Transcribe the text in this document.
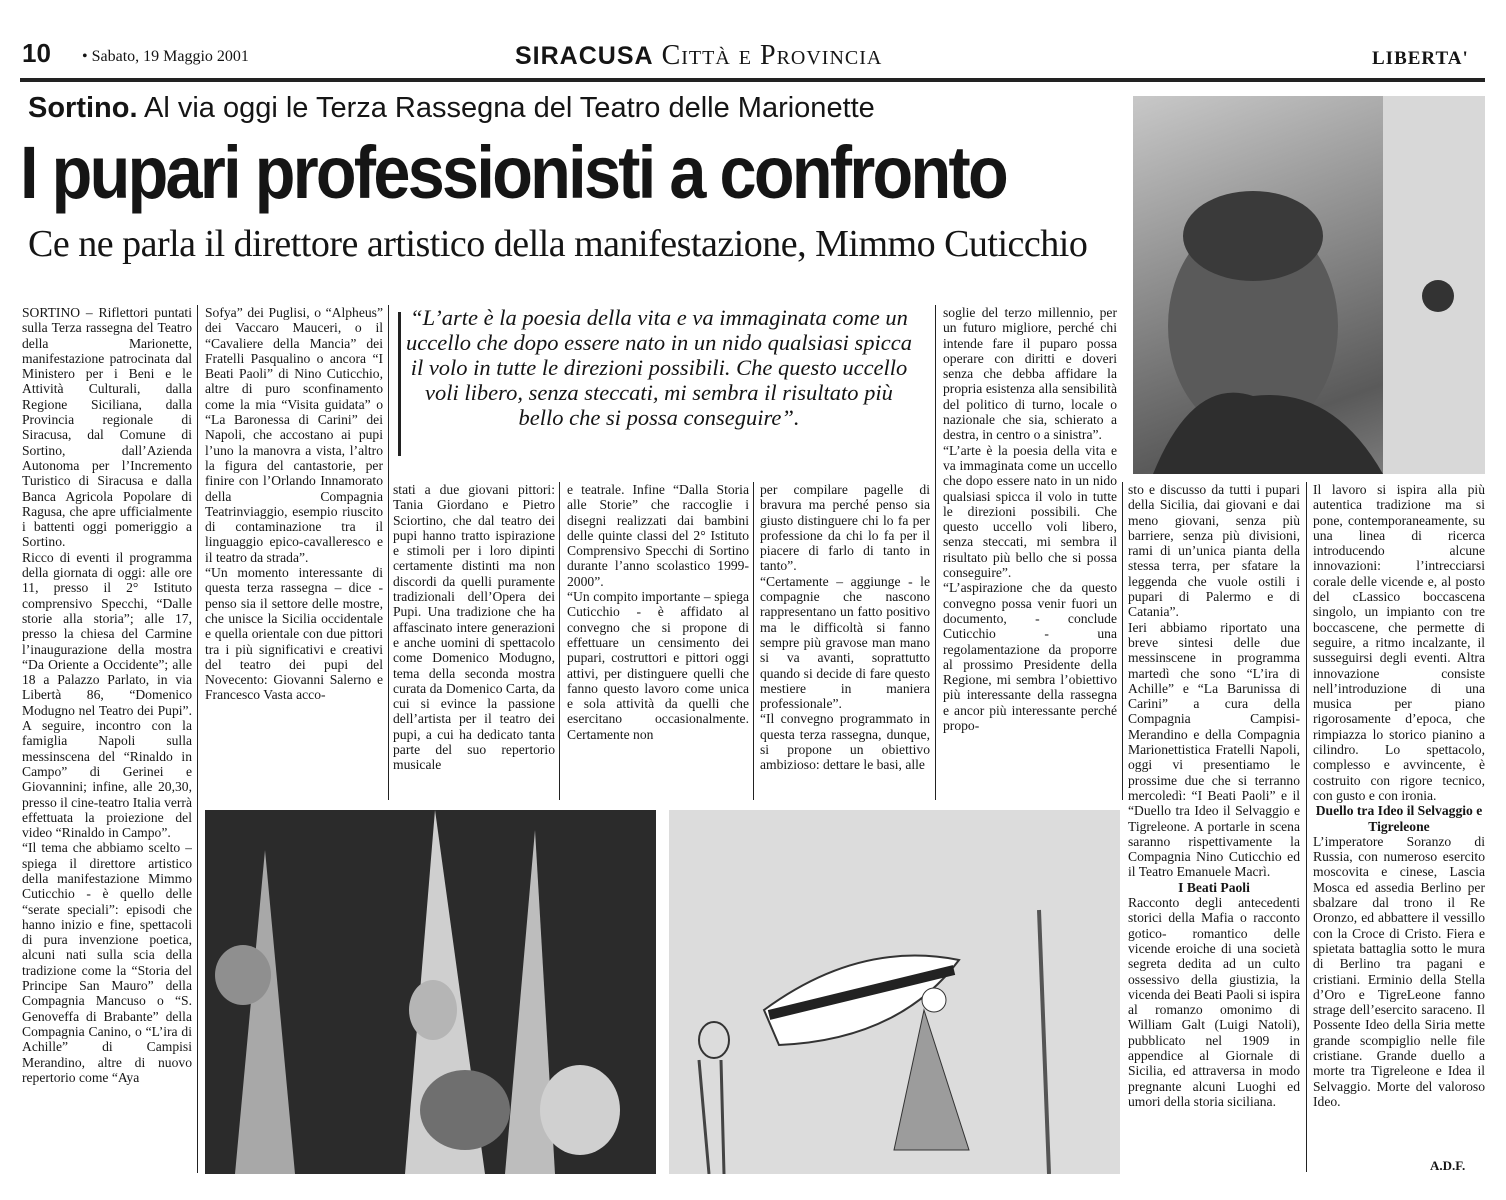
10 • Sabato, 19 Maggio 2001	SIRACUSA Città e Provincia	LIBERTA'
Sortino. Al via oggi le Terza Rassegna del Teatro delle Marionette
I pupari professionisti a confronto
Ce ne parla il direttore artistico della manifestazione, Mimmo Cuticchio
“L’arte è la poesia della vita e va immaginata come un uccello che dopo essere nato in un nido qualsiasi spicca il volo in tutte le direzioni possibili. Che questo uccello voli libero, senza steccati, mi sembra il risultato più bello che si possa conseguire”.

SORTINO – Riflettori puntati sulla Terza rassegna del Teatro della Marionette, manifestazione patrocinata dal Ministero per i Beni e le Attività Culturali, dalla Regione Siciliana, dalla Provincia regionale di Siracusa, dal Comune di Sortino, dall’Azienda Autonoma per l’Incremento Turistico di Siracusa e dalla Banca Agricola Popolare di Ragusa, che apre ufficialmente i battenti oggi pomeriggio a Sortino.
Ricco di eventi il programma della giornata di oggi: alle ore 11, presso il 2° Istituto comprensivo Specchi, “Dalle storie alla storia”; alle 17, presso la chiesa del Carmine l’inaugurazione della mostra “Da Oriente a Occidente”; alle 18 a Palazzo Parlato, in via Libertà 86, “Domenico Modugno nel Teatro dei Pupi”. A seguire, incontro con la famiglia Napoli sulla messinscena del “Rinaldo in Campo” di Gerinei e Giovannini; infine, alle 20,30, presso il cine-teatro Italia verrà effettuata la proiezione del video “Rinaldo in Campo”.
“Il tema che abbiamo scelto –spiega il direttore artistico della manifestazione Mimmo Cuticchio - è quello delle “serate speciali”: episodi che hanno inizio e fine, spettacoli di pura invenzione poetica, alcuni nati sulla scia della tradizione come la “Storia del Principe San Mauro” della Compagnia Mancuso o “S. Genoveffa di Brabante” della Compagnia Canino, o “L’ira di Achille” di Campisi Merandino, altre di nuovo repertorio come “Aya

Sofya” dei Puglisi, o “Alpheus” dei Vaccaro Mauceri, o il “Cavaliere della Mancia” dei Fratelli Pasqualino o ancora “I Beati Paoli” di Nino Cuticchio, altre di puro sconfinamento come la mia “Visita guidata” o “La Baronessa di Carini” dei Napoli, che accostano ai pupi l’uno la manovra a vista, l’altro la figura del cantastorie, per finire con l’Orlando Innamorato della Compagnia Teatrinviaggio, esempio riuscito di contaminazione tra il linguaggio epico-cavalleresco e il teatro da strada”.
“Un momento interessante di questa terza rassegna – dice -penso sia il settore delle mostre, che unisce la Sicilia occidentale e quella orientale con due pittori tra i più significativi e creativi del teatro dei pupi del Novecento: Giovanni Salerno e Francesco Vasta acco-

stati a due giovani pittori: Tania Giordano e Pietro Sciortino, che dal teatro dei pupi hanno tratto ispirazione e stimoli per i loro dipinti certamente distinti ma non discordi da quelli puramente tradizionali dell’Opera dei Pupi. Una tradizione che ha affascinato intere generazioni e anche uomini di spettacolo come Domenico Modugno, tema della seconda mostra curata da Domenico Carta, da cui si evince la passione dell’artista per il teatro dei pupi, a cui ha dedicato tanta parte del suo repertorio musicale

e teatrale. Infine “Dalla Storia alle Storie” che raccoglie i disegni realizzati dai bambini delle quinte classi del 2° Istituto Comprensivo Specchi di Sortino durante l’anno scolastico 1999-2000”.
“Un compito importante – spiega Cuticchio - è affidato al convegno che si propone di effettuare un censimento dei pupari, costruttori e pittori oggi attivi, per distinguere quelli che fanno questo lavoro come unica e sola attività da quelli che esercitano occasionalmente. Certamente non

per compilare pagelle di bravura ma perché penso sia giusto distinguere chi lo fa per professione da chi lo fa per il piacere di farlo di tanto in tanto”.
“Certamente – aggiunge - le compagnie che nascono rappresentano un fatto positivo ma le difficoltà si fanno sempre più gravose man mano si va avanti, soprattutto quando si decide di fare questo mestiere in maniera professionale”.
“Il convegno programmato in questa terza rassegna, dunque, si propone un obiettivo ambizioso: dettare le basi, alle

soglie del terzo millennio, per un futuro migliore, perché chi intende fare il puparo possa operare con diritti e doveri senza che debba affidare la propria esistenza alla sensibilità del politico di turno, locale o nazionale che sia, schierato a destra, in centro o a sinistra”.

“L’arte è la poesia della vita e va immaginata come un uccello che dopo essere nato in un nido qualsiasi spicca il volo in tutte le direzioni possibili. Che questo uccello voli libero, senza steccati, mi sembra il risultato più bello che si possa conseguire”.
“L’aspirazione che da questo convegno possa venir fuori un documento, - conclude Cuticchio - una regolamentazione da proporre al prossimo Presidente della Regione, mi sembra l’obiettivo più interessante della rassegna e ancor più interessante perché propo-

sto e discusso da tutti i pupari della Sicilia, dai giovani e dai meno giovani, senza più barriere, senza più divisioni, rami di un’unica pianta della stessa terra, per sfatare la leggenda che vuole ostili i pupari di Palermo e di Catania”.
Ieri abbiamo riportato una breve sintesi delle due messinscene in programma martedì che sono “L’ira di Achille” e “La Barunissa di Carini” a cura della Compagnia Campisi-Merandino e della Compagnia Marionettistica Fratelli Napoli, oggi vi presentiamo le prossime due che si terranno mercoledì: “I Beati Paoli” e il “Duello tra Ideo il Selvaggio e Tigreleone. A portarle in scena saranno rispettivamente la Compagnia Nino Cuticchio ed il Teatro Emanuele Macrì.

I Beati Paoli

Racconto degli antecedenti storici della Mafia o racconto gotico- romantico delle vicende eroiche di una società segreta dedita ad un culto ossessivo della giustizia, la vicenda dei Beati Paoli si ispira al romanzo omonimo di William Galt (Luigi Natoli), pubblicato nel 1909 in appendice al Giornale di Sicilia, ed attraversa in modo pregnante alcuni Luoghi ed umori della storia siciliana.

Il lavoro si ispira alla più autentica tradizione ma si pone, contemporaneamente, su una linea di ricerca introducendo alcune innovazioni: l’intrecciarsi corale delle vicende e, al posto del cLassico boccascena singolo, un impianto con tre boccascene, che permette di seguire, a ritmo incalzante, il susseguirsi degli eventi. Altra innovazione consiste nell’introduzione di una musica per piano rigorosamente d’epoca, che rimpiazza lo storico pianino a cilindro. Lo spettacolo, complesso e avvincente, è costruito con rigore tecnico, con gusto e con ironia.

Duello tra Ideo il Selvaggio e Tigreleone

L’imperatore Soranzo di Russia, con numeroso esercito moscovita e cinese, Lascia Mosca ed assedia Berlino per sbalzare dal trono il Re Oronzo, ed abbattere il vessillo con la Croce di Cristo. Fiera e spietata battaglia sotto le mura di Berlino tra pagani e cristiani. Erminio della Stella d’Oro e TigreLeone fanno strage dell’esercito saraceno. Il Possente Ideo della Siria mette grande scompiglio nelle file cristiane. Grande duello a morte tra Tigreleone e Idea il Selvaggio. Morte del valoroso Ideo.

A.D.F.
